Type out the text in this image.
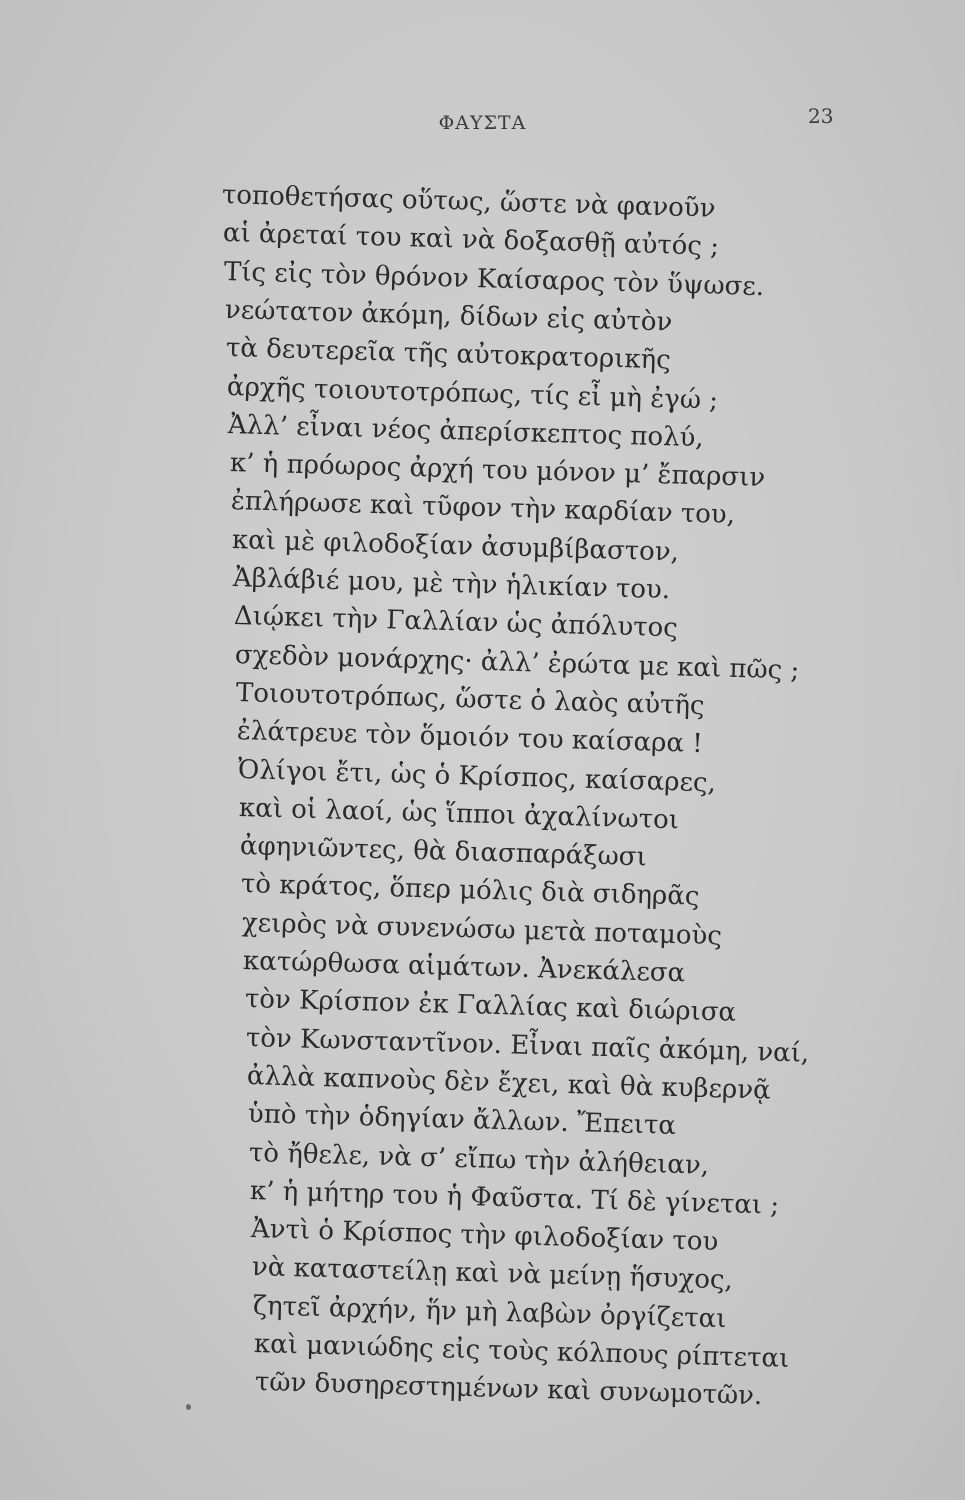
ΦΑΥΣΤΑ	23
τοποθετήσας οὕτως, ὥστε νὰ φανοῦν
αἱ ἀρεταί του καὶ νὰ δοξασθῇ αὐτός ;
Τίς εἰς τὸν θρόνον Καίσαρος τὸν ὕψωσε.
νεώτατον ἀκόμη, δίδων εἰς αὐτὸν
τὰ δευτερεῖα τῆς αὐτοκρατορικῆς
ἀρχῆς τοιουτοτρόπως, τίς εἶ μὴ ἐγώ ;
Ἀλλ’ εἶναι νέος ἀπερίσκεπτος πολύ,
κ’ ἡ πρόωρος ἀρχή του μόνον μ’ ἔπαρσιν
ἐπλήρωσε καὶ τῦφον τὴν καρδίαν του,
καὶ μὲ φιλοδοξίαν ἀσυμβίβαστον,
Ἀβλάβιέ μου, μὲ τὴν ἡλικίαν του.
Διῴκει τὴν Γαλλίαν ὡς ἀπόλυτος
σχεδὸν μονάρχης· ἀλλ’ ἐρώτα με καὶ πῶς ;
Τοιουτοτρόπως, ὥστε ὁ λαὸς αὐτῆς
ἐλάτρευε τὸν ὅμοιόν του καίσαρα !
Ὀλίγοι ἔτι, ὡς ὁ Κρίσπος, καίσαρες,
καὶ οἱ λαοί, ὡς ἵπποι ἀχαλίνωτοι
ἀφηνιῶντες, θὰ διασπαράξωσι
τὸ κράτος, ὅπερ μόλις διὰ σιδηρᾶς
χειρὸς νὰ συνενώσω μετὰ ποταμοὺς
κατώρθωσα αἱμάτων. Ἀνεκάλεσα
τὸν Κρίσπον ἐκ Γαλλίας καὶ διώρισα
τὸν Κωνσταντῖνον. Εἶναι παῖς ἀκόμη, ναί,
ἀλλὰ καπνοὺς δὲν ἔχει, καὶ θὰ κυβερνᾷ
ὑπὸ τὴν ὁδηγίαν ἄλλων. Ἔπειτα
τὸ ἤθελε, νὰ σ’ εἴπω τὴν ἀλήθειαν,
κ’ ἡ μήτηρ του ἡ Φαῦστα. Τί δὲ γίνεται ;
Ἀντὶ ὁ Κρίσπος τὴν φιλοδοξίαν του
νὰ καταστείλῃ καὶ νὰ μείνῃ ἥσυχος,
ζητεῖ ἀρχήν, ἥν μὴ λαβὼν ὀργίζεται
καὶ μανιώδης εἰς τοὺς κόλπους ρίπτεται
τῶν δυσηρεστημένων καὶ συνωμοτῶν.
